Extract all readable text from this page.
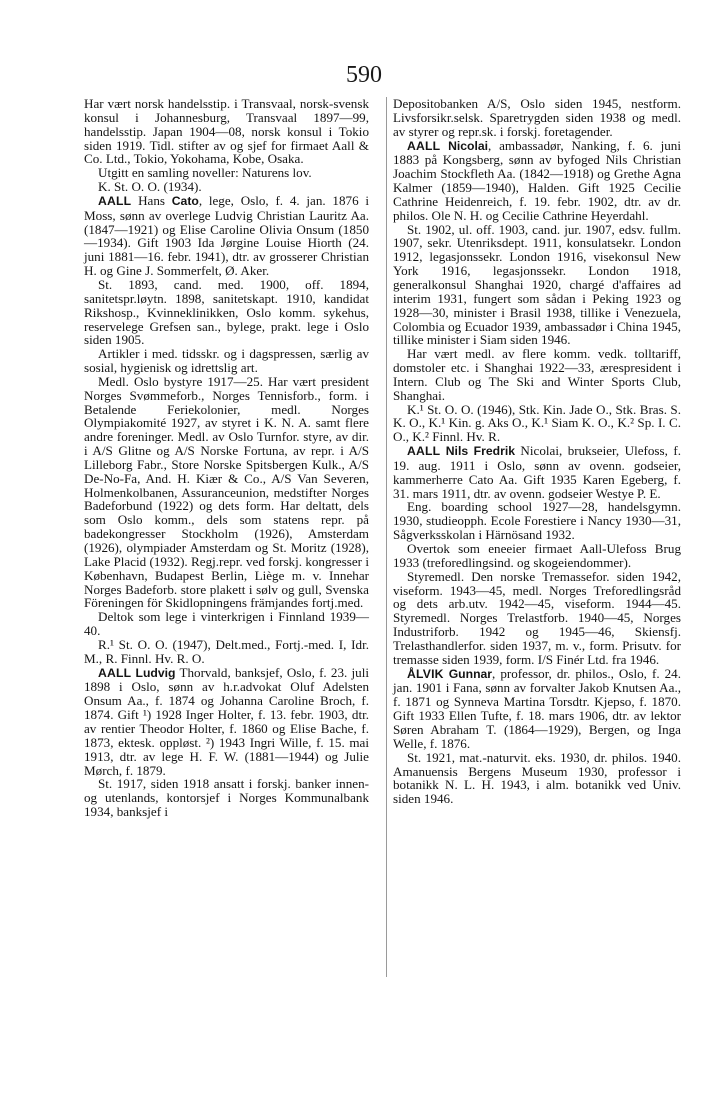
590

Har vært norsk handelsstip. i Transvaal, norsk-svensk konsul i Johannesburg, Transvaal 1897—99, handelsstip. Japan 1904—08, norsk konsul i Tokio siden 1919. Tidl. stifter av og sjef for firmaet Aall & Co. Ltd., Tokio, Yokohama, Kobe, Osaka.

Utgitt en samling noveller: Naturens lov.

K. St. O. O. (1934).

AALL Hans Cato, lege, Oslo, f. 4. jan. 1876 i Moss, sønn av overlege Ludvig Christian Lauritz Aa. (1847—1921) og Elise Caroline Olivia Onsum (1850—1934). Gift 1903 Ida Jørgine Louise Hiorth (24. juni 1881—16. febr. 1941), dtr. av grosserer Christian H. og Gine J. Sommerfelt, Ø. Aker.

St. 1893, cand. med. 1900, off. 1894, sanitetspr.løytn. 1898, sanitetskapt. 1910, kandidat Rikshosp., Kvinneklinikken, Oslo komm. sykehus, reservelege Grefsen san., bylege, prakt. lege i Oslo siden 1905.

Artikler i med. tidsskr. og i dagspressen, særlig av sosial, hygienisk og idrettslig art.

Medl. Oslo bystyre 1917—25. Har vært president Norges Svømmeforb., Norges Tennisforb., form. i Betalende Feriekolonier, medl. Norges Olympiakomité 1927, av styret i K. N. A. samt flere andre foreninger. Medl. av Oslo Turnfor. styre, av dir. i A/S Glitne og A/S Norske Fortuna, av repr. i A/S Lilleborg Fabr., Store Norske Spitsbergen Kulk., A/S De-No-Fa, And. H. Kiær & Co., A/S Van Severen, Holmenkolbanen, Assuranceunion, medstifter Norges Badeforbund (1922) og dets form. Har deltatt, dels som Oslo komm., dels som statens repr. på badekongresser Stockholm (1926), Amsterdam (1926), olympiader Amsterdam og St. Moritz (1928), Lake Placid (1932). Regj.repr. ved forskj. kongresser i København, Budapest Berlin, Liège m. v. Innehar Norges Badeforb. store plakett i sølv og gull, Svenska Föreningen för Skidlopningens främjandes fortj.med.

Deltok som lege i vinterkrigen i Finnland 1939—40.

R.¹ St. O. O. (1947), Delt.med., Fortj.-med. I, Idr. M., R. Finnl. Hv. R. O.

AALL Ludvig Thorvald, banksjef, Oslo, f. 23. juli 1898 i Oslo, sønn av h.r.advokat Oluf Adelsten Onsum Aa., f. 1874 og Johanna Caroline Broch, f. 1874. Gift ¹) 1928 Inger Holter, f. 13. febr. 1903, dtr. av rentier Theodor Holter, f. 1860 og Elise Bache, f. 1873, ektesk. oppløst. ²) 1943 Ingri Wille, f. 15. mai 1913, dtr. av lege H. F. W. (1881—1944) og Julie Mørch, f. 1879.

St. 1917, siden 1918 ansatt i forskj. banker innen- og utenlands, kontorsjef i Norges Kommunalbank 1934, banksjef i

Depositobanken A/S, Oslo siden 1945, nestform. Livsforsikr.selsk. Sparetrygden siden 1938 og medl. av styrer og repr.sk. i forskj. foretagender.

AALL Nicolai, ambassadør, Nanking, f. 6. juni 1883 på Kongsberg, sønn av byfoged Nils Christian Joachim Stockfleth Aa. (1842—1918) og Grethe Agna Kalmer (1859—1940), Halden. Gift 1925 Cecilie Cathrine Heidenreich, f. 19. febr. 1902, dtr. av dr. philos. Ole N. H. og Cecilie Cathrine Heyerdahl.

St. 1902, ul. off. 1903, cand. jur. 1907, edsv. fullm. 1907, sekr. Utenriksdept. 1911, konsulatsekr. London 1912, legasjonssekr. London 1916, visekonsul New York 1916, legasjonssekr. London 1918, generalkonsul Shanghai 1920, chargé d'affaires ad interim 1931, fungert som sådan i Peking 1923 og 1928—30, minister i Brasil 1938, tillike i Venezuela, Colombia og Ecuador 1939, ambassadør i China 1945, tillike minister i Siam siden 1946.

Har vært medl. av flere komm. vedk. tolltariff, domstoler etc. i Shanghai 1922—33, ærespresident i Intern. Club og The Ski and Winter Sports Club, Shanghai.

K.¹ St. O. O. (1946), Stk. Kin. Jade O., Stk. Bras. S. K. O., K.¹ Kin. g. Aks O., K.¹ Siam K. O., K.² Sp. I. C. O., K.² Finnl. Hv. R.

AALL Nils Fredrik Nicolai, bruksеier, Ulefoss, f. 19. aug. 1911 i Oslo, sønn av ovenn. godseier, kammerherre Cato Aa. Gift 1935 Karen Egeberg, f. 31. mars 1911, dtr. av ovenn. godseier Westye P. E.

Eng. boarding school 1927—28, handelsgymn. 1930, studieopph. Ecole Forestiere i Nancy 1930—31, Sågverksskolan i Härnösand 1932.

Overtok som eneeier firmaet Aall-Ulefoss Brug 1933 (treforedlingsind. og skogeiendommer).

Styremedl. Den norske Tremassefor. siden 1942, viseform. 1943—45, medl. Norges Treforedlingsråd og dets arb.utv. 1942—45, viseform. 1944—45. Styremedl. Norges Trelastforb. 1940—45, Norges Industriforb. 1942 og 1945—46, Skiensfj. Trelasthandlerfor. siden 1937, m. v., form. Prisutv. for tremasse siden 1939, form. I/S Finér Ltd. fra 1946.

ÅLVIK Gunnar, professor, dr. philos., Oslo, f. 24. jan. 1901 i Fana, sønn av forvalter Jakob Knutsen Aa., f. 1871 og Synneva Martina Torsdtr. Kjepso, f. 1870. Gift 1933 Ellen Tufte, f. 18. mars 1906, dtr. av lektor Søren Abraham T. (1864—1929), Bergen, og Inga Welle, f. 1876.

St. 1921, mat.-naturvit. eks. 1930, dr. philos. 1940. Amanuensis Bergens Museum 1930, professor i botanikk N. L. H. 1943, i alm. botanikk ved Univ. siden 1946.
